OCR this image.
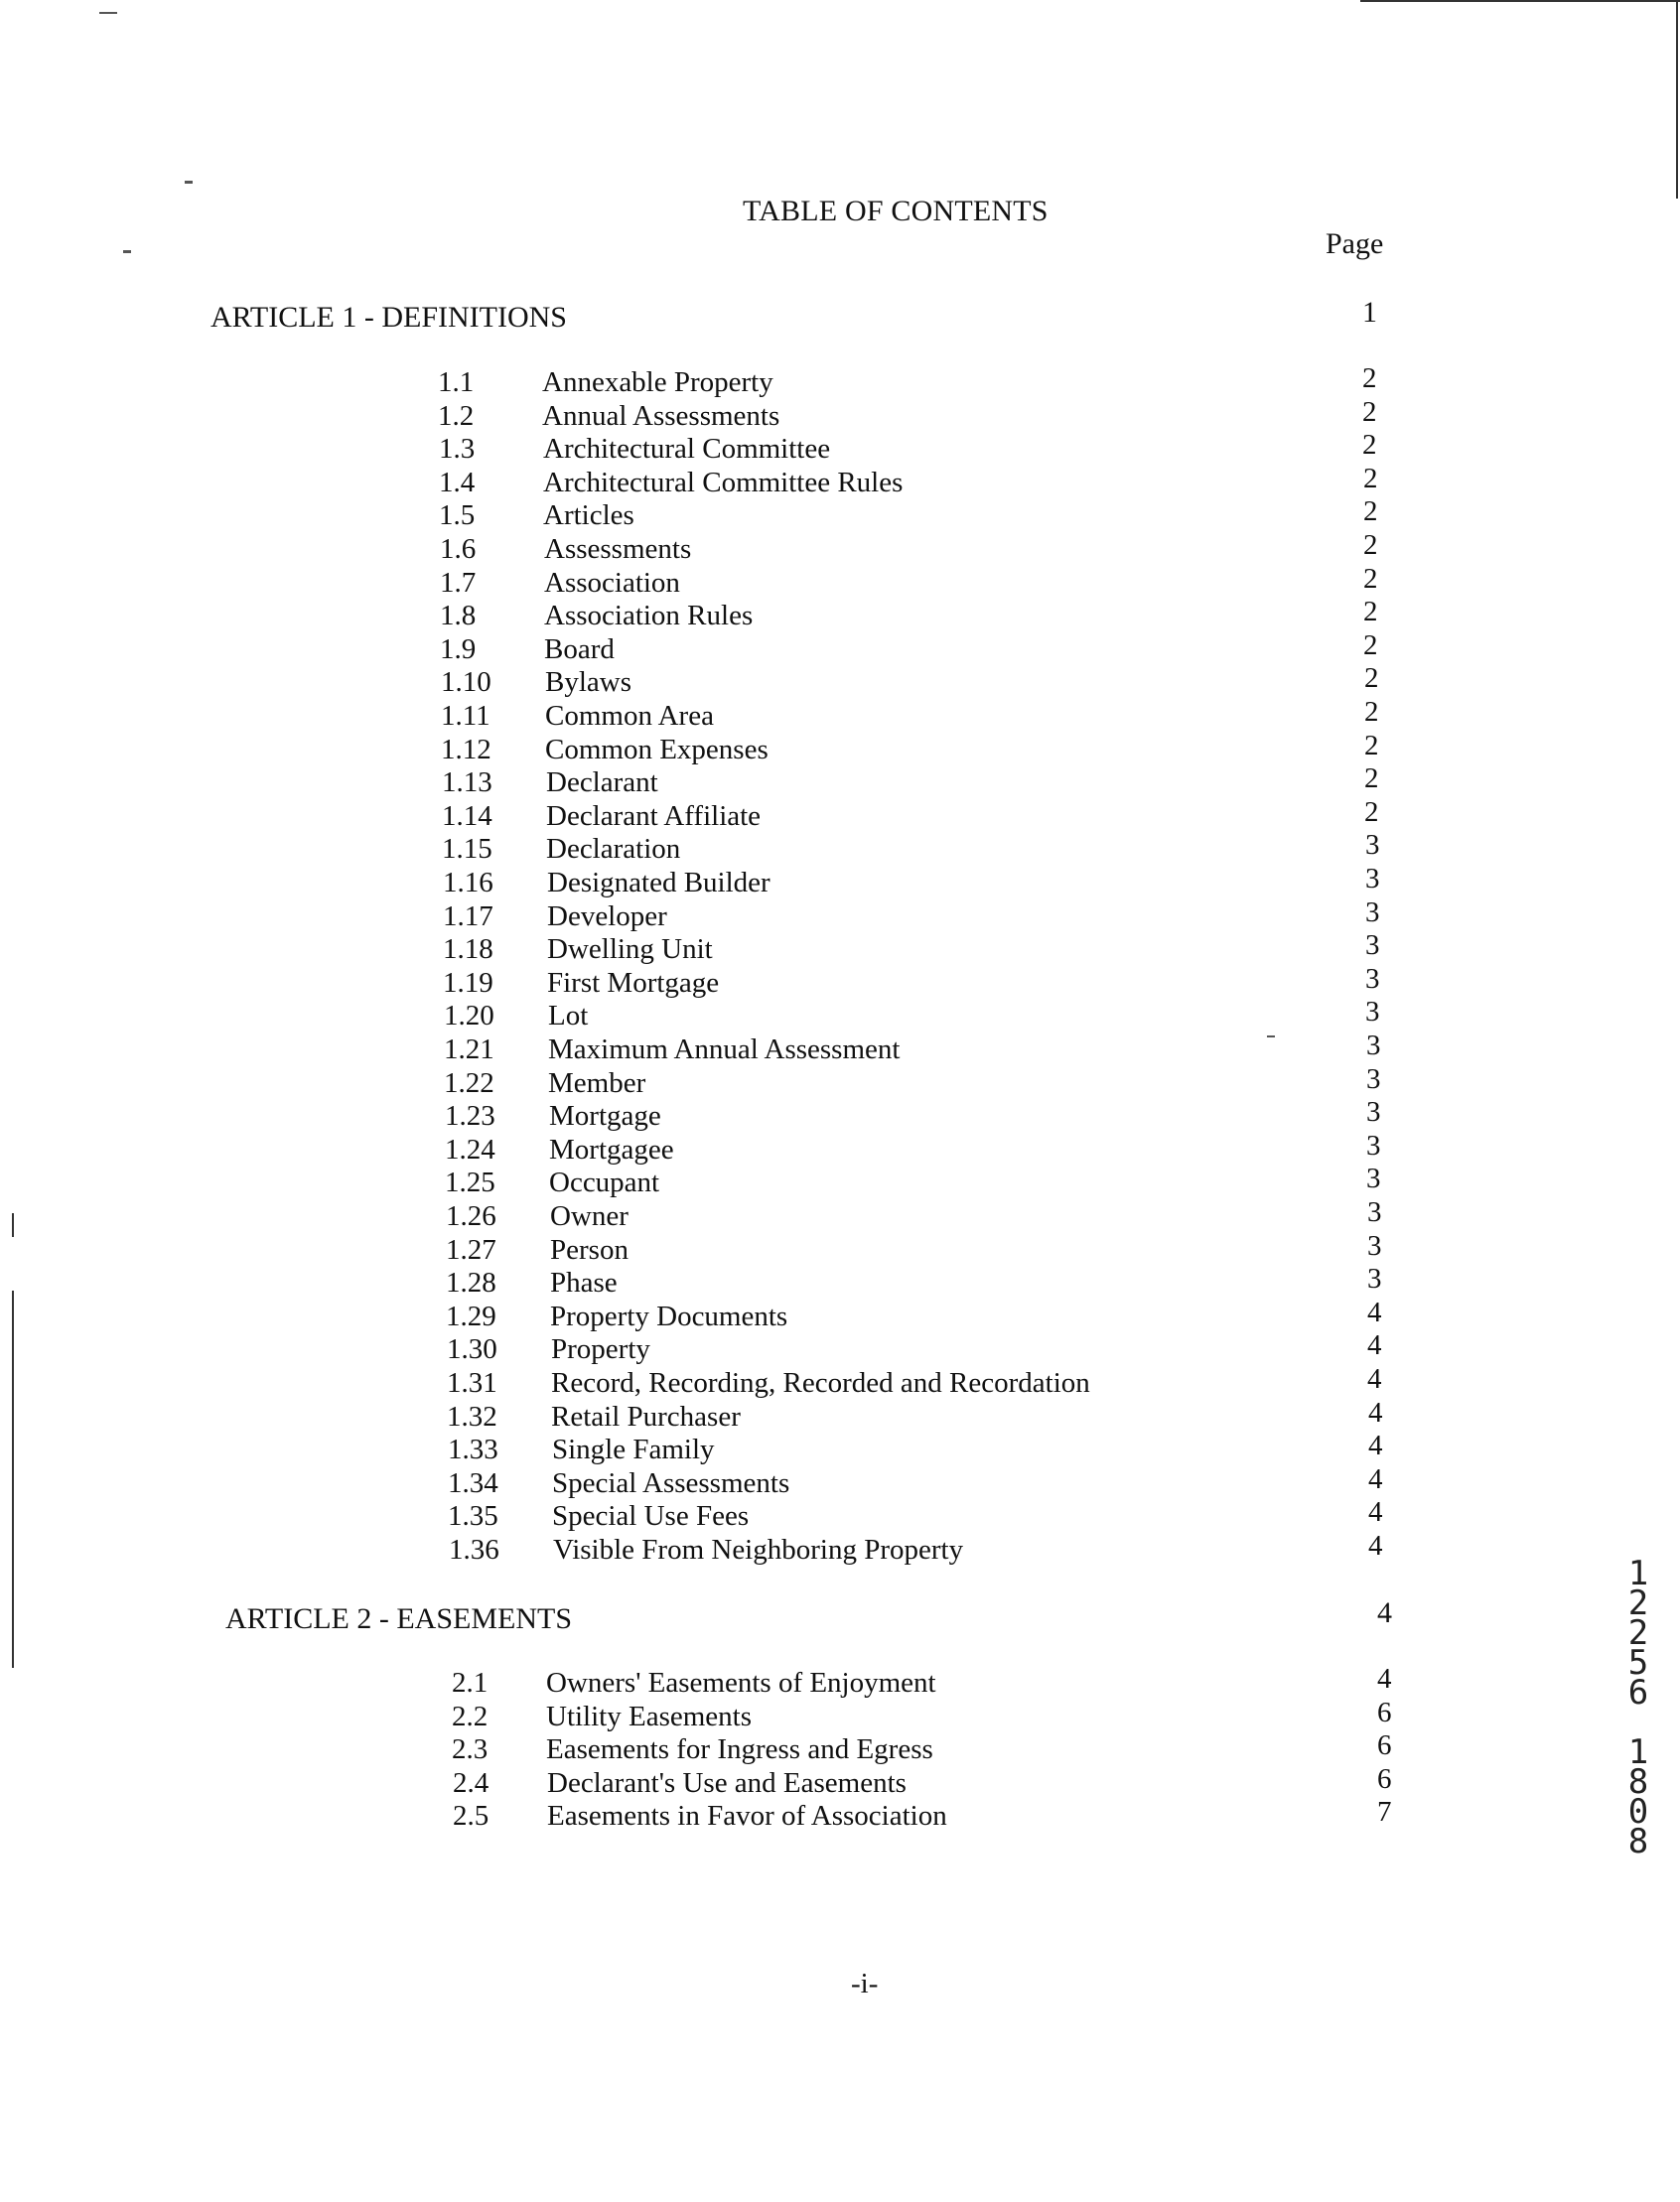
TABLE OF CONTENTS
Page
ARTICLE 1 - DEFINITIONS	1
1.1 Annexable Property	2
1.2 Annual Assessments	2
1.3 Architectural Committee	2
1.4 Architectural Committee Rules	2
1.5 Articles	2
1.6 Assessments	2
1.7 Association	2
1.8 Association Rules	2
1.9 Board	2
1.10 Bylaws	2
1.11 Common Area	2
1.12 Common Expenses	2
1.13 Declarant	2
1.14 Declarant Affiliate	2
1.15 Declaration	3
1.16 Designated Builder	3
1.17 Developer	3
1.18 Dwelling Unit	3
1.19 First Mortgage	3
1.20 Lot	3
1.21 Maximum Annual Assessment	3
1.22 Member	3
1.23 Mortgage	3
1.24 Mortgagee	3
1.25 Occupant	3
1.26 Owner	3
1.27 Person	3
1.28 Phase	3
1.29 Property Documents	4
1.30 Property	4
1.31 Record, Recording, Recorded and Recordation	4
1.32 Retail Purchaser	4
1.33 Single Family	4
1.34 Special Assessments	4
1.35 Special Use Fees	4
1.36 Visible From Neighboring Property	4
ARTICLE 2 - EASEMENTS	4
2.1 Owners' Easements of Enjoyment	4
2.2 Utility Easements	6
2.3 Easements for Ingress and Egress	6
2.4 Declarant's Use and Easements	6
2.5 Easements in Favor of Association	7
-i-
1
2
2
5
6

1
8
0
8
